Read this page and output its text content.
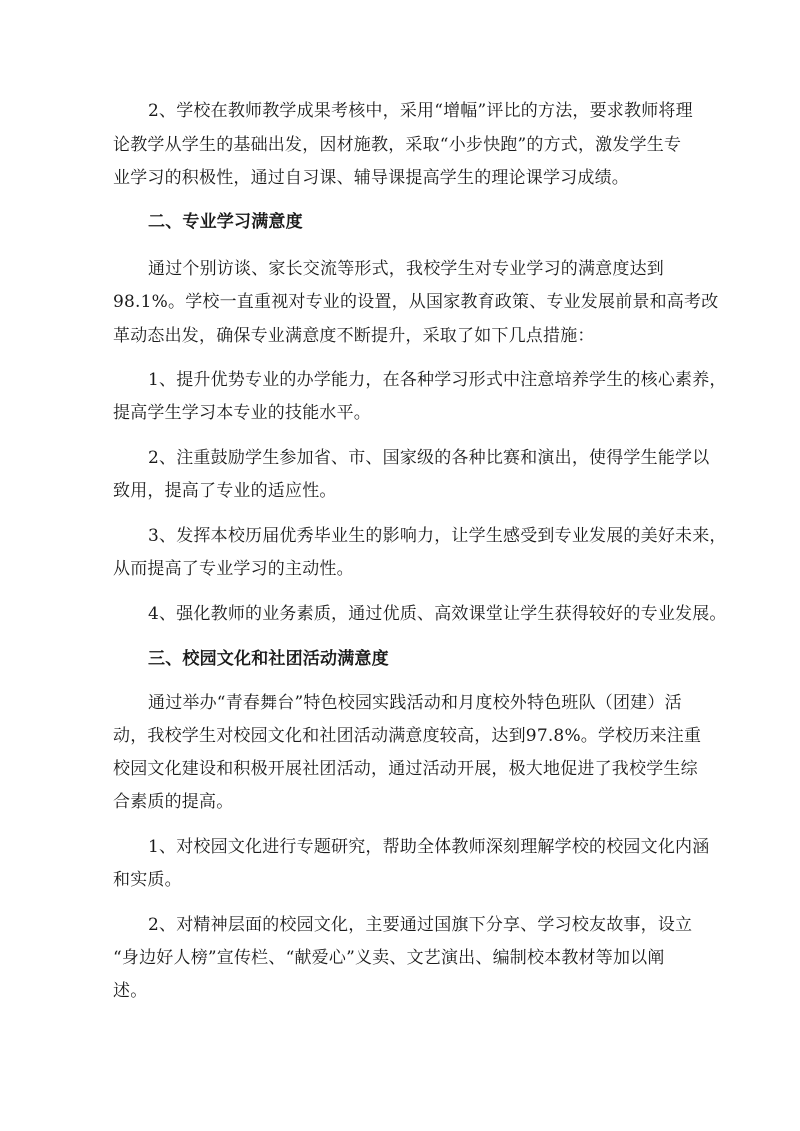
2、学校在教师教学成果考核中，采用“增幅”评比的方法，要求教师将理
论教学从学生的基础出发，因材施教，采取“小步快跑”的方式，激发学生专
业学习的积极性，通过自习课、辅导课提高学生的理论课学习成绩。
二、专业学习满意度
通过个别访谈、家长交流等形式，我校学生对专业学习的满意度达到
98.1%。学校一直重视对专业的设置，从国家教育政策、专业发展前景和高考改
革动态出发，确保专业满意度不断提升，采取了如下几点措施：
1、提升优势专业的办学能力，在各种学习形式中注意培养学生的核心素养，
提高学生学习本专业的技能水平。
2、注重鼓励学生参加省、市、国家级的各种比赛和演出，使得学生能学以
致用，提高了专业的适应性。
3、发挥本校历届优秀毕业生的影响力，让学生感受到专业发展的美好未来，
从而提高了专业学习的主动性。
4、强化教师的业务素质，通过优质、高效课堂让学生获得较好的专业发展。
三、校园文化和社团活动满意度
通过举办“青春舞台”特色校园实践活动和月度校外特色班队（团建）活
动，我校学生对校园文化和社团活动满意度较高，达到97.8%。学校历来注重
校园文化建设和积极开展社团活动，通过活动开展，极大地促进了我校学生综
合素质的提高。
1、对校园文化进行专题研究，帮助全体教师深刻理解学校的校园文化内涵
和实质。
2、对精神层面的校园文化，主要通过国旗下分享、学习校友故事，设立
“身边好人榜”宣传栏、“献爱心”义卖、文艺演出、编制校本教材等加以阐
述。
